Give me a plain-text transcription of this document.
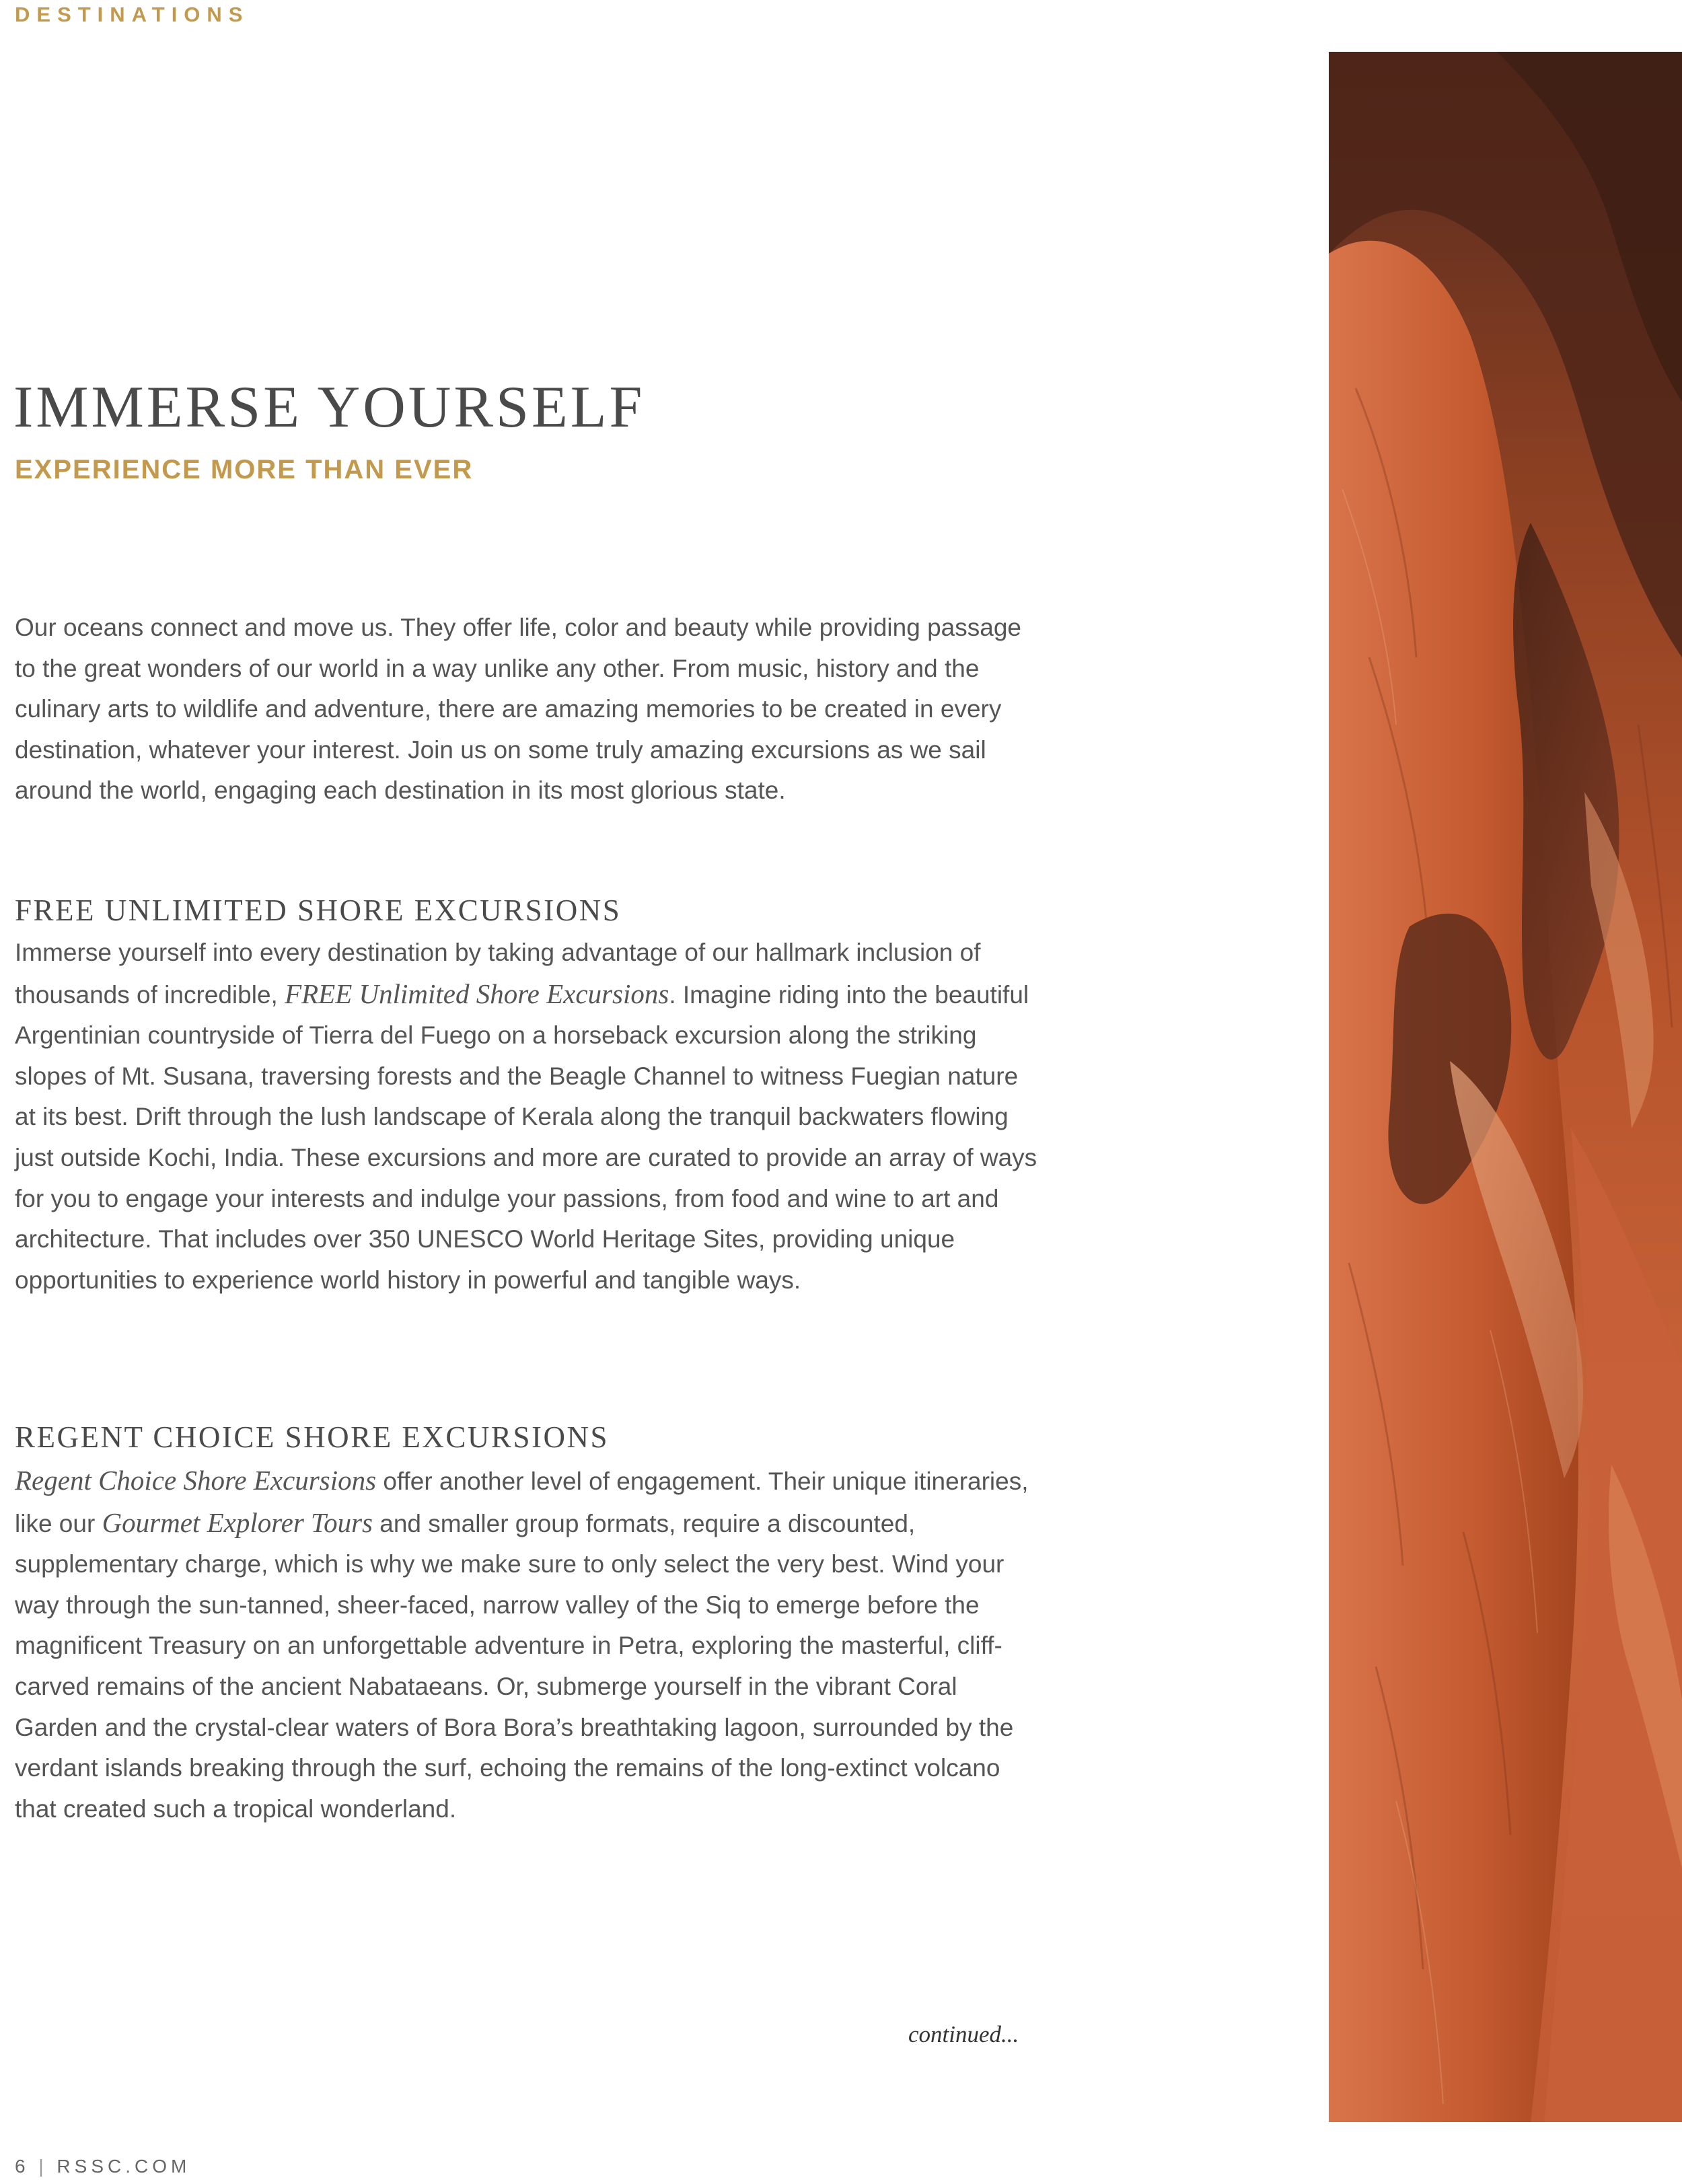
DESTINATIONS
IMMERSE YOURSELF
EXPERIENCE MORE THAN EVER

Our oceans connect and move us. They offer life, color and beauty while providing passage to the great wonders of our world in a way unlike any other. From music, history and the culinary arts to wildlife and adventure, there are amazing memories to be created in every destination, whatever your interest. Join us on some truly amazing excursions as we sail around the world, engaging each destination in its most glorious state.

FREE UNLIMITED SHORE EXCURSIONS

Immerse yourself into every destination by taking advantage of our hallmark inclusion of thousands of incredible, FREE Unlimited Shore Excursions. Imagine riding into the beautiful Argentinian countryside of Tierra del Fuego on a horseback excursion along the striking slopes of Mt. Susana, traversing forests and the Beagle Channel to witness Fuegian nature at its best. Drift through the lush landscape of Kerala along the tranquil backwaters flowing just outside Kochi, India. These excursions and more are curated to provide an array of ways for you to engage your interests and indulge your passions, from food and wine to art and architecture. That includes over 350 UNESCO World Heritage Sites, providing unique opportunities to experience world history in powerful and tangible ways.

REGENT CHOICE SHORE EXCURSIONS

Regent Choice Shore Excursions offer another level of engagement. Their unique itineraries, like our Gourmet Explorer Tours and smaller group formats, require a discounted, supplementary charge, which is why we make sure to only select the very best. Wind your way through the sun-tanned, sheer-faced, narrow valley of the Siq to emerge before the magnificent Treasury on an unforgettable adventure in Petra, exploring the masterful, cliff-carved remains of the ancient Nabataeans. Or, submerge yourself in the vibrant Coral Garden and the crystal-clear waters of Bora Bora’s breathtaking lagoon, surrounded by the verdant islands breaking through the surf, echoing the remains of the long-extinct volcano that created such a tropical wonderland.

continued...
6 | RSSC.COM
